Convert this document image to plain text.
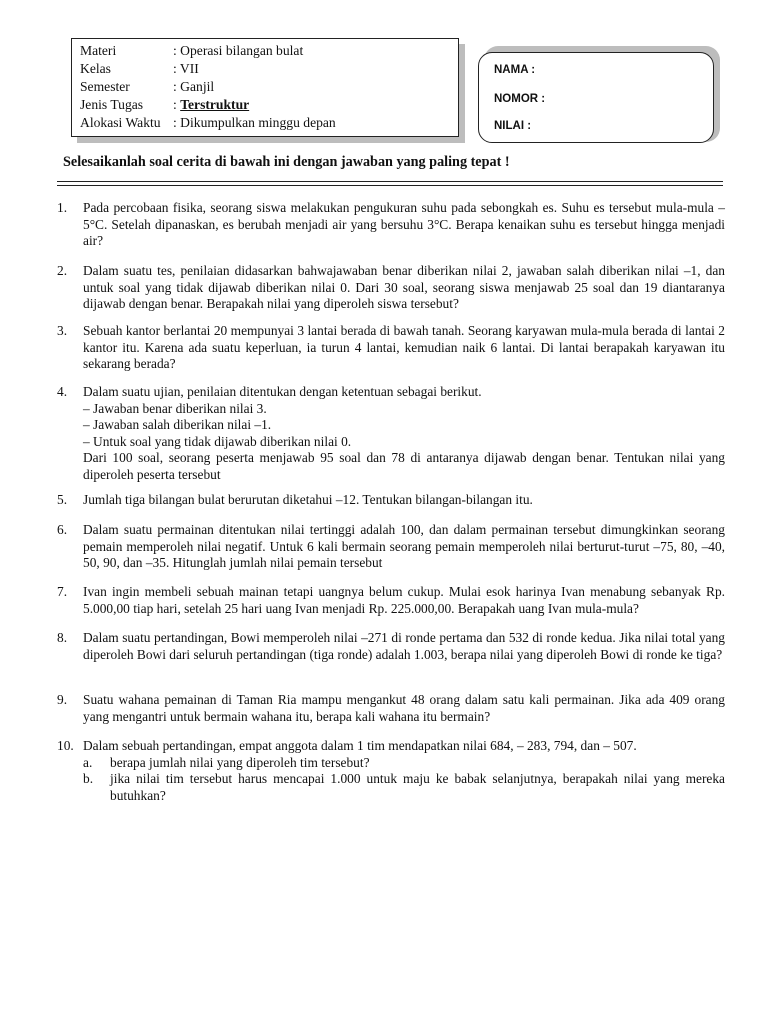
Materi	: Operasi bilangan bulat
Kelas	: VII
Semester	: Ganjil
Jenis Tugas : Terstruktur
Alokasi Waktu : Dikumpulkan minggu depan
NAMA :
NOMOR :
NILAI :
Selesaikanlah soal cerita di bawah ini dengan jawaban yang paling tepat !
1.	Pada percobaan fisika, seorang siswa melakukan pengukuran suhu pada sebongkah es. Suhu es tersebut mula-mula –5°C. Setelah dipanaskan, es berubah menjadi air yang bersuhu 3°C. Berapa kenaikan suhu es tersebut hingga menjadi air?
2.	Dalam suatu tes, penilaian didasarkan bahwajawaban benar diberikan nilai 2, jawaban salah diberikan nilai –1, dan untuk soal yang tidak dijawab diberikan nilai 0. Dari 30 soal, seorang siswa menjawab 25 soal dan 19 diantaranya dijawab dengan benar. Berapakah nilai yang diperoleh siswa tersebut?
3.	Sebuah kantor berlantai 20 mempunyai 3 lantai berada di bawah tanah. Seorang karyawan mula-mula berada di lantai 2 kantor itu. Karena ada suatu keperluan, ia turun 4 lantai, kemudian naik 6 lantai. Di lantai berapakah karyawan itu sekarang berada?
4.	Dalam suatu ujian, penilaian ditentukan dengan ketentuan sebagai berikut.
– Jawaban benar diberikan nilai 3.
– Jawaban salah diberikan nilai –1.
– Untuk soal yang tidak dijawab diberikan nilai 0.
Dari 100 soal, seorang peserta menjawab 95 soal dan 78 di antaranya dijawab dengan benar. Tentukan nilai yang diperoleh peserta tersebut
5.	Jumlah tiga bilangan bulat berurutan diketahui –12. Tentukan bilangan-bilangan itu.
6.	Dalam suatu permainan ditentukan nilai tertinggi adalah 100, dan dalam permainan tersebut dimungkinkan seorang pemain memperoleh nilai negatif. Untuk 6 kali bermain seorang pemain memperoleh nilai berturut-turut –75, 80, –40, 50, 90, dan –35. Hitunglah jumlah nilai pemain tersebut
7.	Ivan ingin membeli sebuah mainan tetapi uangnya belum cukup. Mulai esok harinya Ivan menabung sebanyak Rp. 5.000,00 tiap hari, setelah 25 hari uang Ivan menjadi Rp. 225.000,00. Berapakah uang Ivan mula-mula?
8.	Dalam suatu pertandingan, Bowi memperoleh nilai –271 di ronde pertama dan 532 di ronde kedua. Jika nilai total yang diperoleh Bowi dari seluruh pertandingan (tiga ronde) adalah 1.003, berapa nilai yang diperoleh Bowi di ronde ke tiga?
9.	Suatu wahana pemainan di Taman Ria mampu mengankut 48 orang dalam satu kali permainan. Jika ada 409 orang yang mengantri untuk bermain wahana itu, berapa kali wahana itu bermain?
10. Dalam sebuah pertandingan, empat anggota dalam 1 tim mendapatkan nilai 684, – 283, 794, dan – 507.
a. berapa jumlah nilai yang diperoleh tim tersebut?
b. jika nilai tim tersebut harus mencapai 1.000 untuk maju ke babak selanjutnya, berapakah nilai yang mereka butuhkan?
